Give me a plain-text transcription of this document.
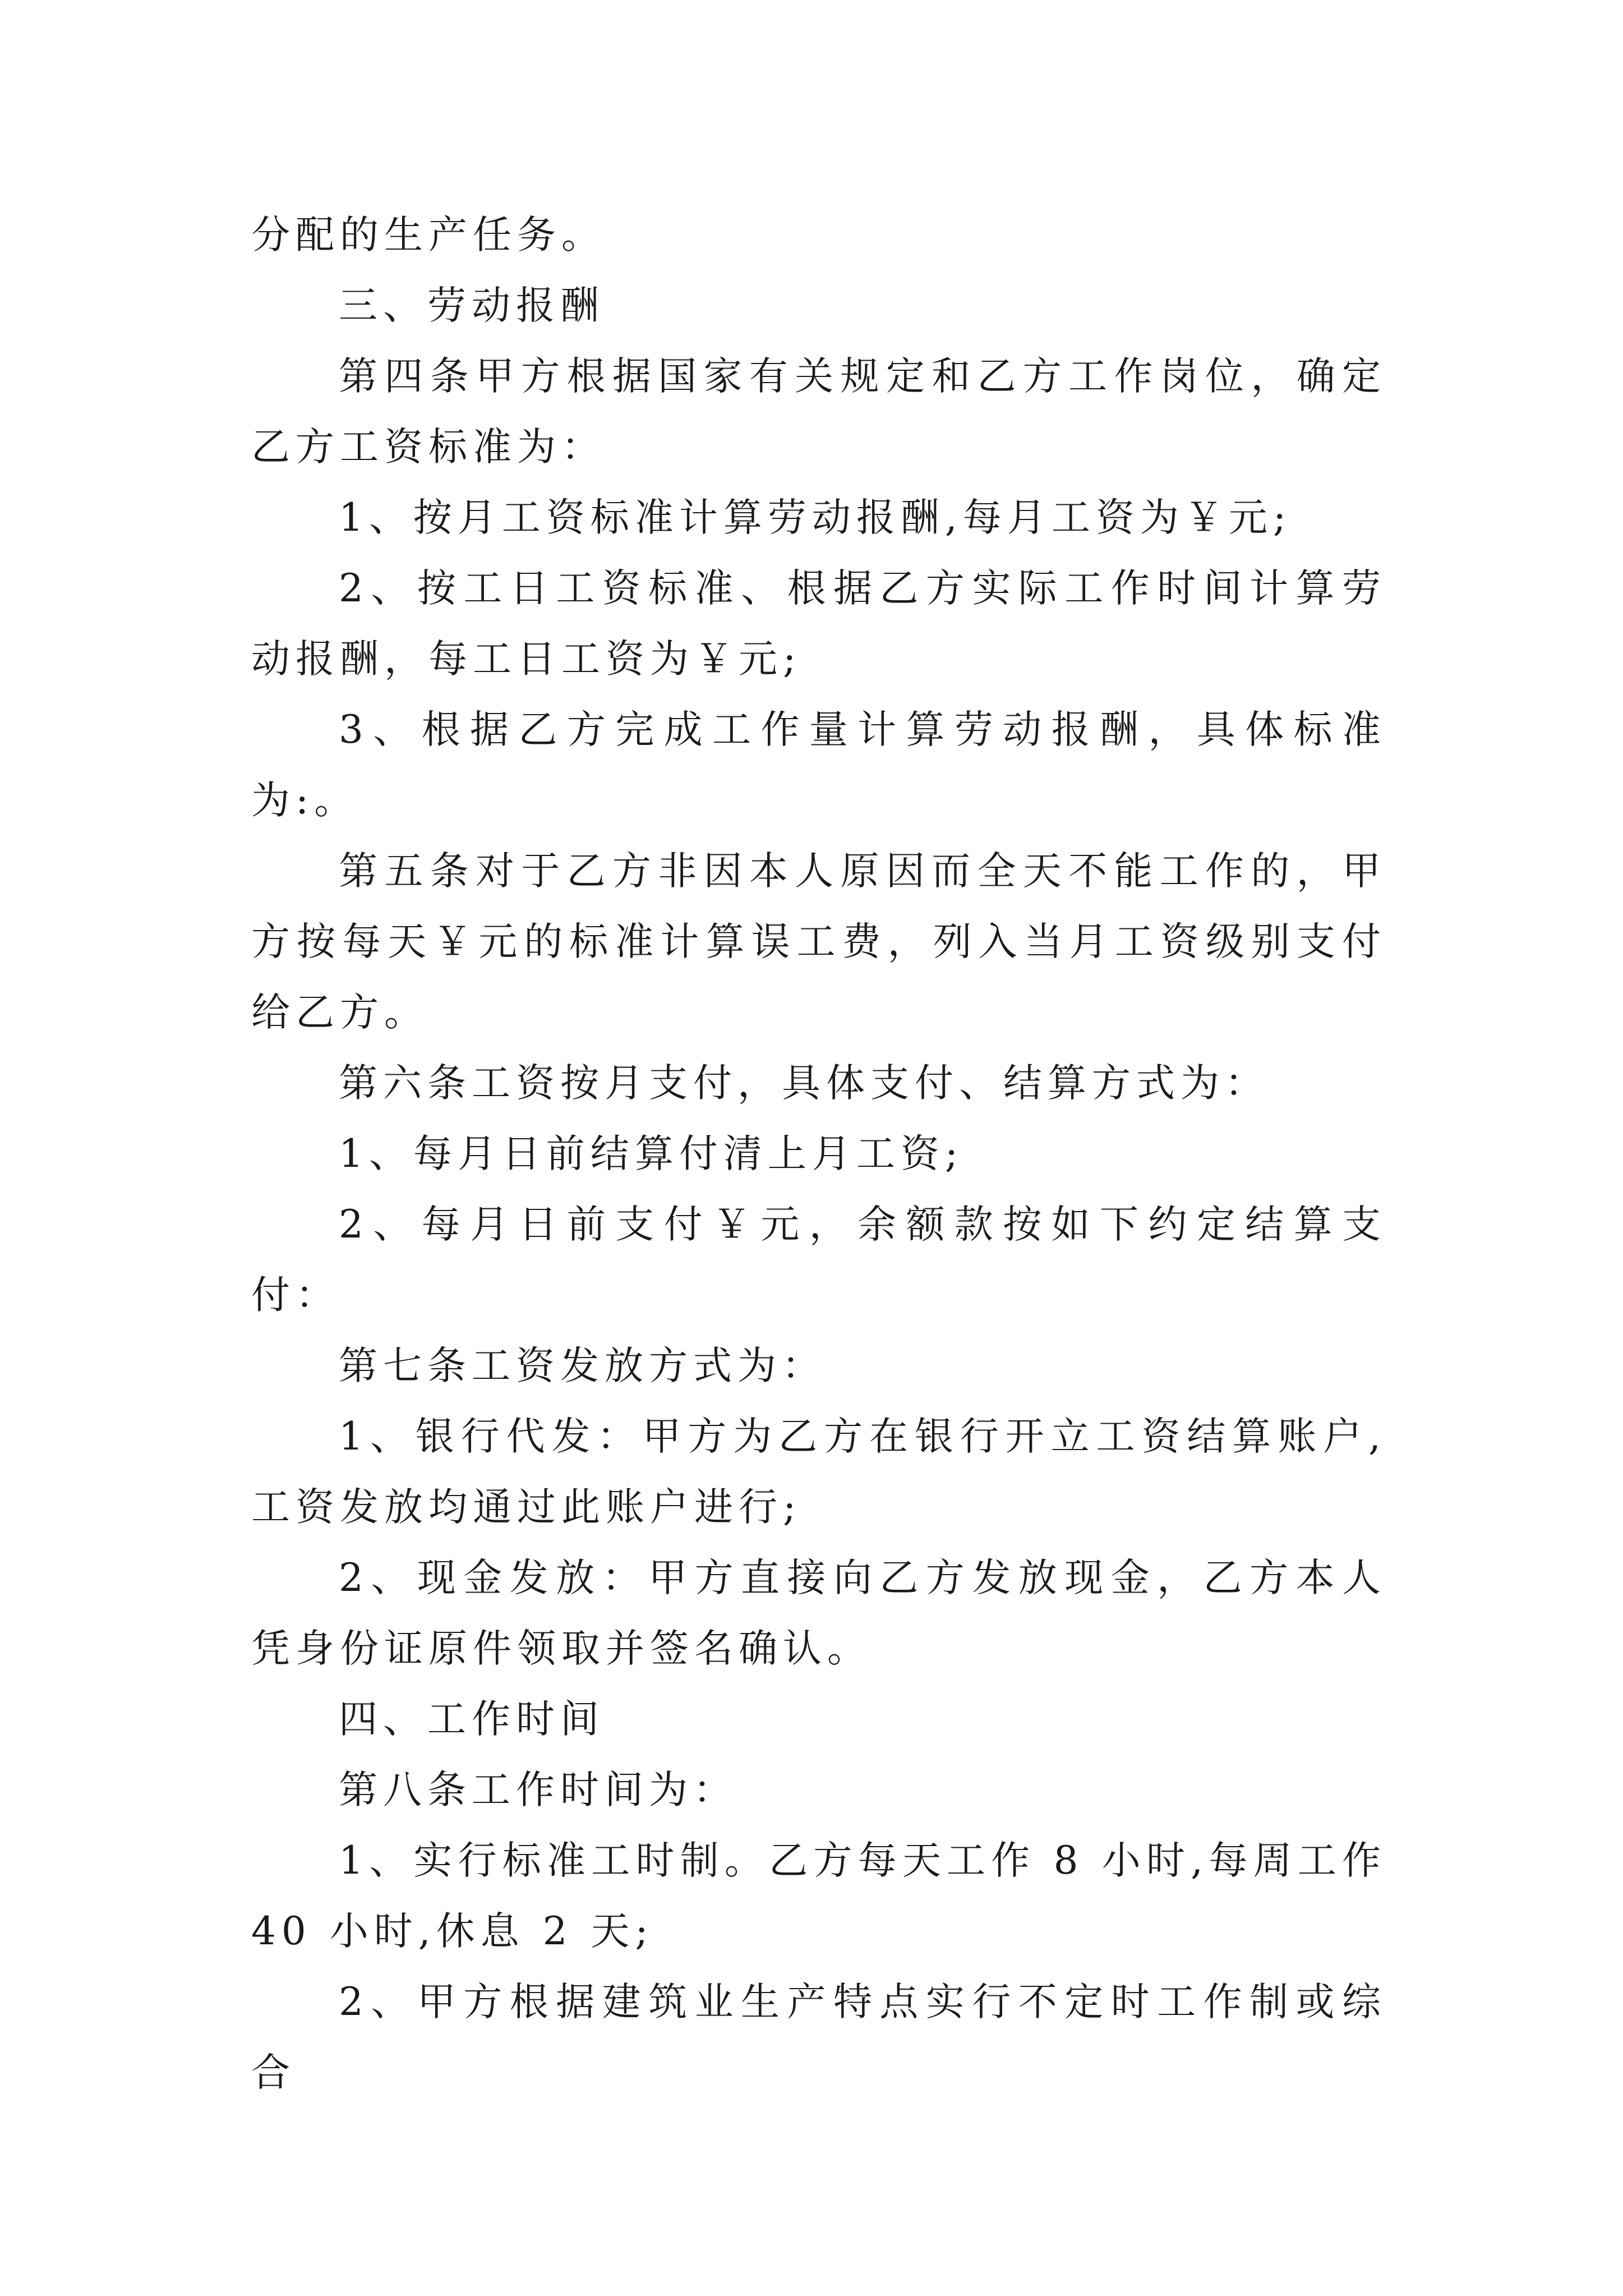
分配的生产任务。

三、劳动报酬

第四条甲方根据国家有关规定和乙方工作岗位，确定乙方工资标准为：

1、按月工资标准计算劳动报酬,每月工资为￥元;

2、按工日工资标准、根据乙方实际工作时间计算劳动报酬，每工日工资为￥元;

3、根据乙方完成工作量计算劳动报酬，具体标准为:。

第五条对于乙方非因本人原因而全天不能工作的，甲方按每天￥元的标准计算误工费，列入当月工资级别支付给乙方。

第六条工资按月支付，具体支付、结算方式为：

1、每月日前结算付清上月工资;

2、每月日前支付￥元，余额款按如下约定结算支付：

第七条工资发放方式为：

1、银行代发：甲方为乙方在银行开立工资结算账户,工资发放均通过此账户进行;

2、现金发放：甲方直接向乙方发放现金，乙方本人凭身份证原件领取并签名确认。

四、工作时间

第八条工作时间为：

1、实行标准工时制。乙方每天工作 8 小时,每周工作 40 小时,休息 2 天;

2、甲方根据建筑业生产特点实行不定时工作制或综合
